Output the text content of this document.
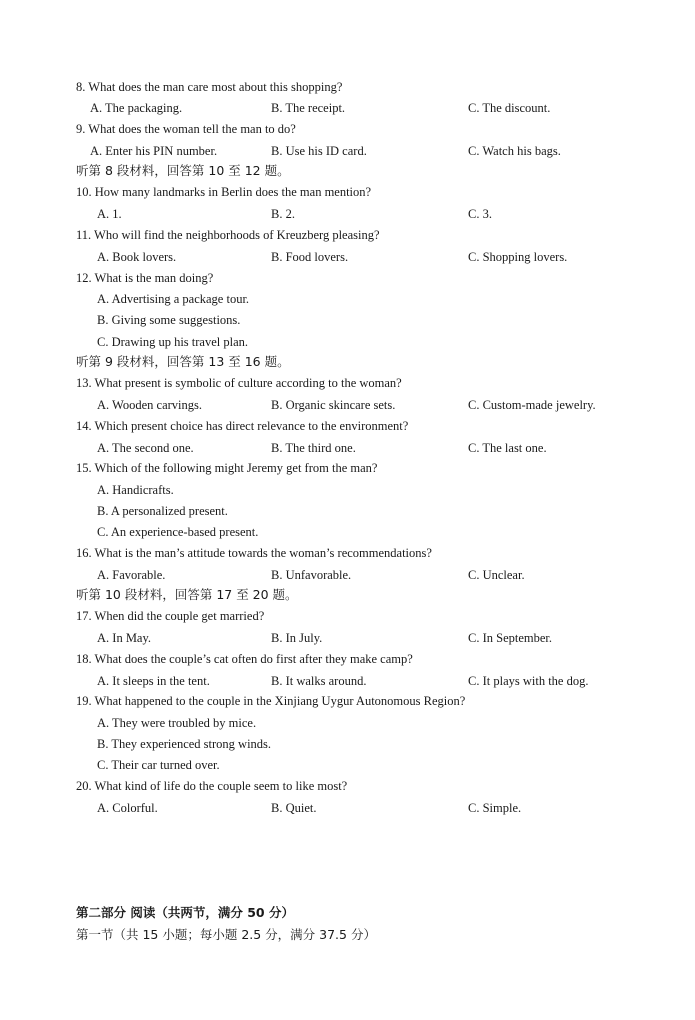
8. What does the man care most about this shopping?
A. The packaging.	B. The receipt.	C. The discount.
9. What does the woman tell the man to do?
A. Enter his PIN number.	B. Use his ID card.	C. Watch his bags.
听第 8 段材料，回答第 10 至 12 题。
10. How many landmarks in Berlin does the man mention?
A. 1.	B. 2.	C. 3.
11. Who will find the neighborhoods of Kreuzberg pleasing?
A. Book lovers.	B. Food lovers.	C. Shopping lovers.
12. What is the man doing?
A. Advertising a package tour.
B. Giving some suggestions.
C. Drawing up his travel plan.
听第 9 段材料，回答第 13 至 16 题。
13. What present is symbolic of culture according to the woman?
A. Wooden carvings.	B. Organic skincare sets.	C. Custom-made jewelry.
14. Which present choice has direct relevance to the environment?
A. The second one.	B. The third one.	C. The last one.
15. Which of the following might Jeremy get from the man?
A. Handicrafts.
B. A personalized present.
C. An experience-based present.
16. What is the man’s attitude towards the woman’s recommendations?
A. Favorable.	B. Unfavorable.	C. Unclear.
听第 10 段材料，回答第 17 至 20 题。
17. When did the couple get married?
A. In May.	B. In July.	C. In September.
18. What does the couple’s cat often do first after they make camp?
A. It sleeps in the tent.	B. It walks around.	C. It plays with the dog.
19. What happened to the couple in the Xinjiang Uygur Autonomous Region?
A. They were troubled by mice.
B. They experienced strong winds.
C. Their car turned over.
20. What kind of life do the couple seem to like most?
A. Colorful.	B. Quiet.	C. Simple.
第二部分 阅读（共两节，满分 50 分）
第一节（共 15 小题；每小题 2.5 分，满分 37.5 分）
